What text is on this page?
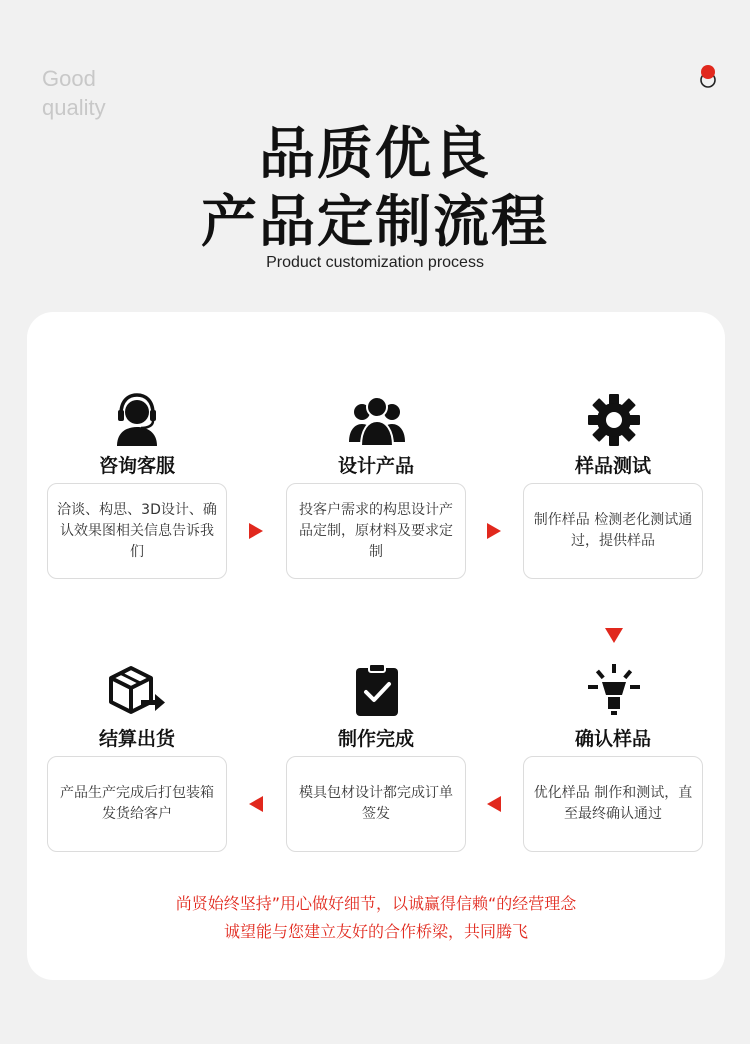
Good
quality
品质优良
产品定制流程
Product customization process
咨询客服
洽谈、构思、3D设计、确认效果图相关信息告诉我们
设计产品
投客户需求的构思设计产品定制，原材料及要求定制
样品测试
制作样品 检测老化测试通过，提供样品
确认样品
优化样品 制作和测试，直至最终确认通过
制作完成
模具包材设计都完成订单签发
结算出货
产品生产完成后打包装箱发货给客户
尚贤始终坚持”用心做好细节，以诚赢得信赖“的经营理念
诚望能与您建立友好的合作桥梁，共同腾飞
